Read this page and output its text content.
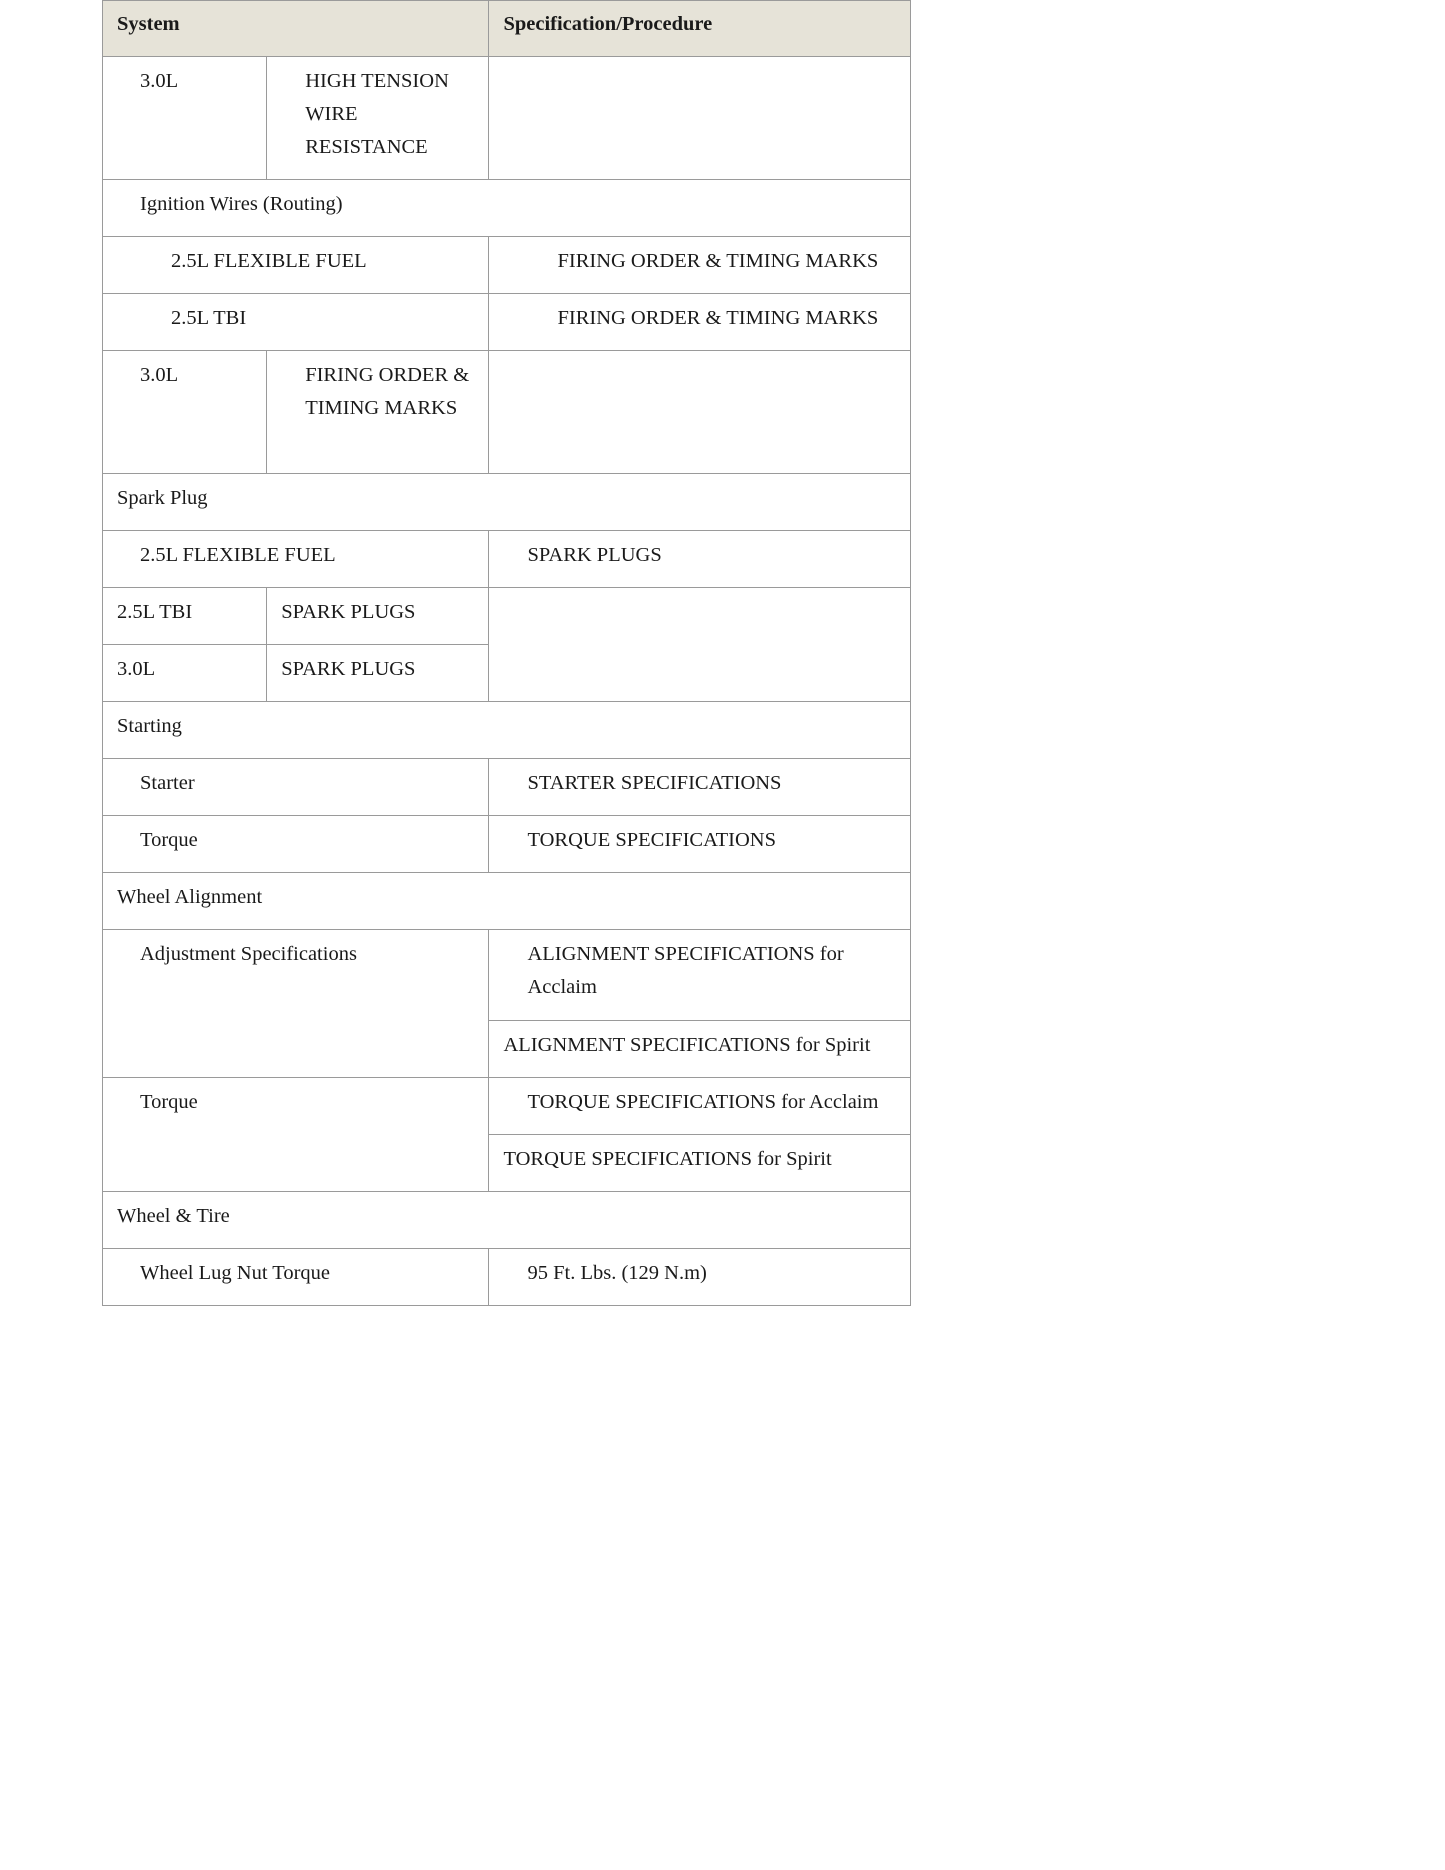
System		Specification/Procedure
3.0L	HIGH TENSION WIRE RESISTANCE	
Ignition Wires (Routing)		
2.5L FLEXIBLE FUEL		FIRING ORDER & TIMING MARKS
2.5L TBI		FIRING ORDER & TIMING MARKS
3.0L	FIRING ORDER & TIMING MARKS	
Spark Plug		
2.5L FLEXIBLE FUEL		SPARK PLUGS
2.5L TBI	SPARK PLUGS	
3.0L	SPARK PLUGS	
Starting		
Starter		STARTER SPECIFICATIONS
Torque		TORQUE SPECIFICATIONS
Wheel Alignment		
Adjustment Specifications		ALIGNMENT SPECIFICATIONS for Acclaim
		ALIGNMENT SPECIFICATIONS for Spirit
Torque		TORQUE SPECIFICATIONS for Acclaim
		TORQUE SPECIFICATIONS for Spirit
Wheel & Tire		
Wheel Lug Nut Torque		95 Ft. Lbs. (129 N.m)
